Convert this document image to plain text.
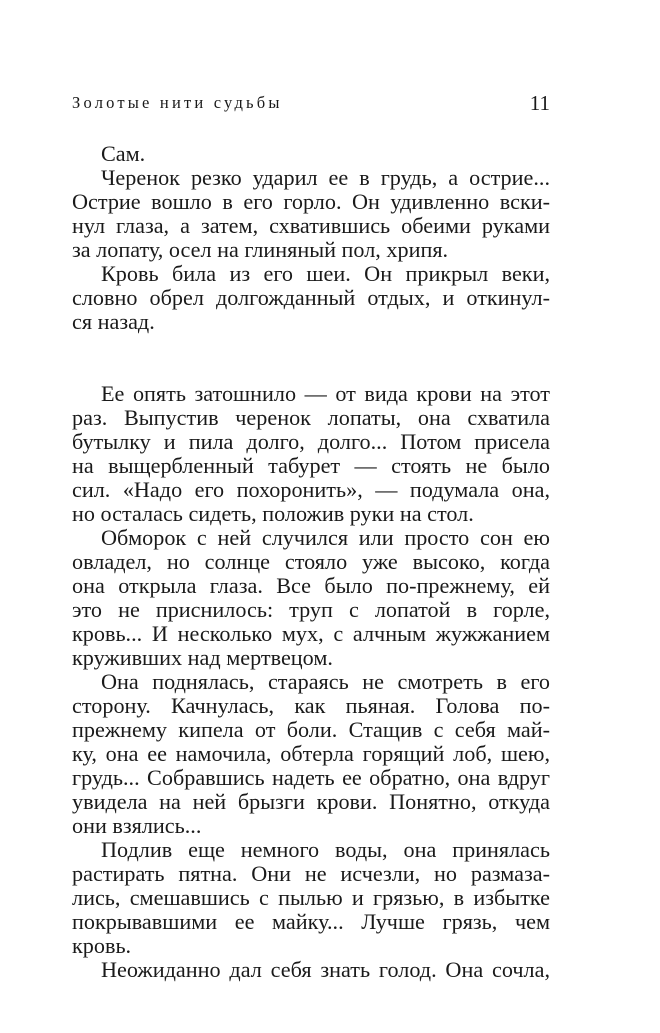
Золотые нити судьбы	11
Сам.
Черенок резко ударил ее в грудь, а острие...
Острие вошло в его горло. Он удивленно вски-
нул глаза, а затем, схватившись обеими руками
за лопату, осел на глиняный пол, хрипя.
Кровь била из его шеи. Он прикрыл веки,
словно обрел долгожданный отдых, и откинул-
ся назад.
Ее опять затошнило — от вида крови на этот
раз. Выпустив черенок лопаты, она схватила
бутылку и пила долго, долго... Потом присела
на выщербленный табурет — стоять не было
сил. «Надо его похоронить», — подумала она,
но осталась сидеть, положив руки на стол.
Обморок с ней случился или просто сон ею
овладел, но солнце стояло уже высоко, когда
она открыла глаза. Все было по-прежнему, ей
это не приснилось: труп с лопатой в горле,
кровь... И несколько мух, с алчным жужжанием
круживших над мертвецом.
Она поднялась, стараясь не смотреть в его
сторону. Качнулась, как пьяная. Голова по-
прежнему кипела от боли. Стащив с себя май-
ку, она ее намочила, обтерла горящий лоб, шею,
грудь... Собравшись надеть ее обратно, она вдруг
увидела на ней брызги крови. Понятно, откуда
они взялись...
Подлив еще немного воды, она принялась
растирать пятна. Они не исчезли, но размаза-
лись, смешавшись с пылью и грязью, в избытке
покрывавшими ее майку... Лучше грязь, чем
кровь.
Неожиданно дал себя знать голод. Она сочла,
